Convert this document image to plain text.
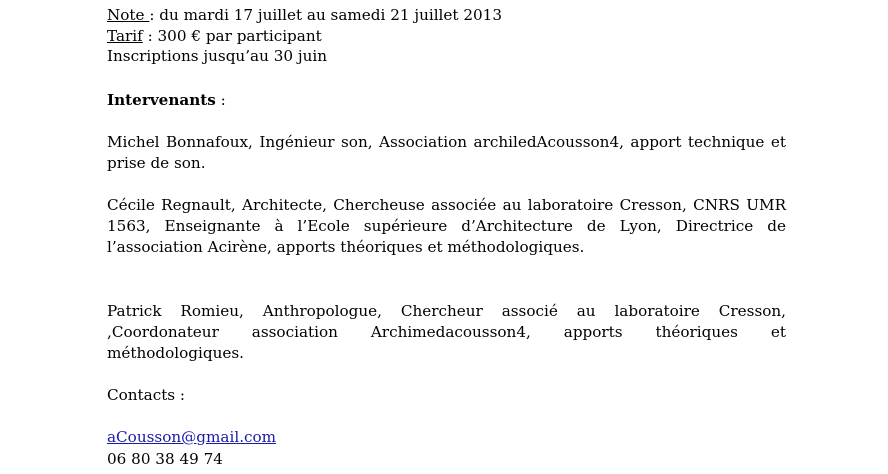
Note : du mardi 17 juillet au samedi 21 juillet 2013
Tarif : 300 € par participant
Inscriptions jusqu’au 30 juin
Intervenants :
Michel Bonnafoux, Ingénieur son, Association archiledAcousson4, apport technique et prise de son.
Cécile Regnault, Architecte, Chercheuse associée au laboratoire Cresson, CNRS UMR 1563, Enseignante à l’Ecole supérieure d’Architecture de Lyon, Directrice de l’association Acirène, apports théoriques et méthodologiques.
Patrick Romieu, Anthropologue, Chercheur associé au laboratoire Cresson, ,Coordonateur association Archimedacousson4, apports théoriques et méthodologiques.
Contacts :
aCousson@gmail.com
06 80 38 49 74
